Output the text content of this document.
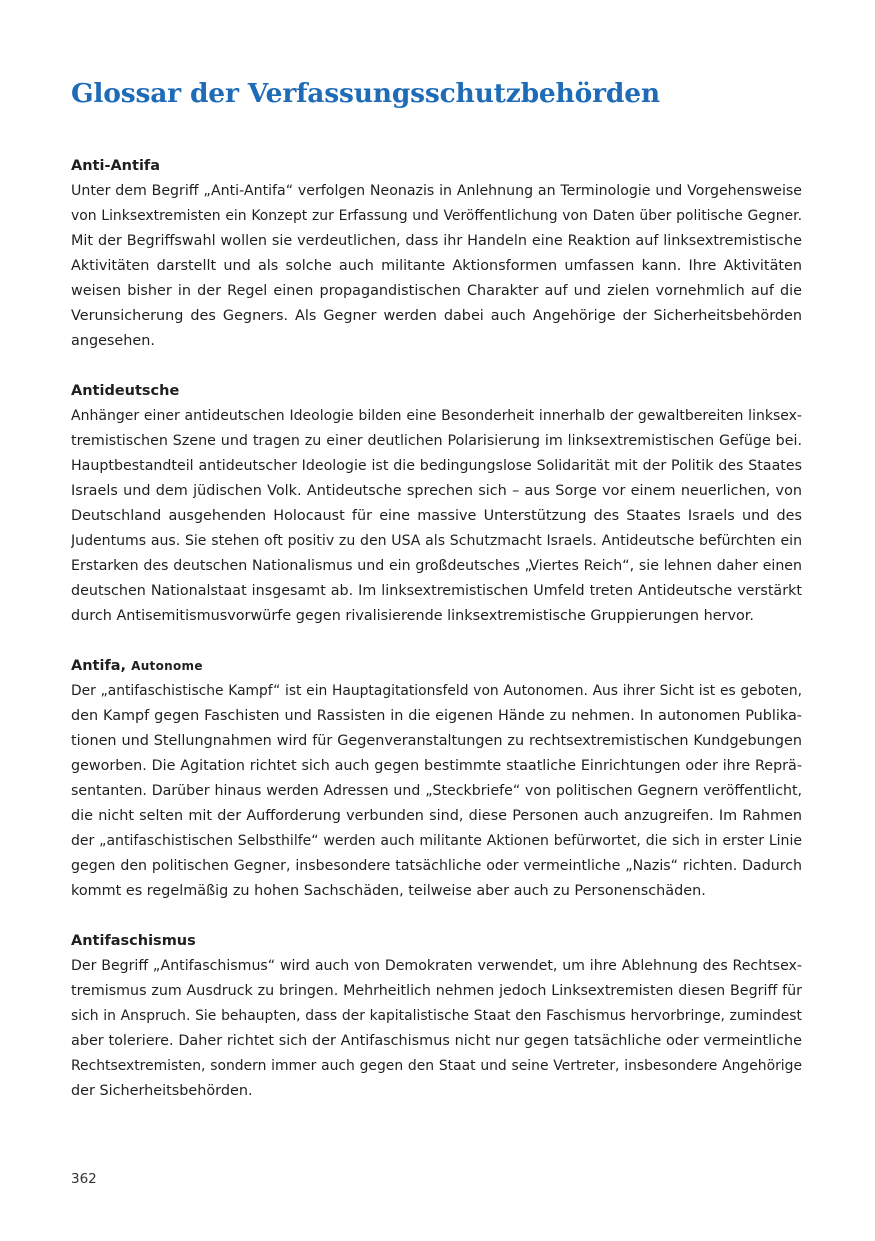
Glossar der Verfassungsschutzbehörden
Anti-Antifa
Unter dem Begriff „Anti-Antifa“ verfolgen Neonazis in Anlehnung an Terminologie und Vorgehensweise
von Linksextremisten ein Konzept zur Erfassung und Veröffentlichung von Daten über politische Gegner.
Mit der Begriffswahl wollen sie verdeutlichen, dass ihr Handeln eine Reaktion auf linksextremistische
Aktivitäten darstellt und als solche auch militante Aktionsformen umfassen kann. Ihre Aktivitäten
weisen bisher in der Regel einen propagandistischen Charakter auf und zielen vornehmlich auf die
Verunsicherung des Gegners. Als Gegner werden dabei auch Angehörige der Sicherheitsbehörden
angesehen.
Antideutsche
Anhänger einer antideutschen Ideologie bilden eine Besonderheit innerhalb der gewaltbereiten linksex-
tremistischen Szene und tragen zu einer deutlichen Polarisierung im linksextremistischen Gefüge bei.
Hauptbestandteil antideutscher Ideologie ist die bedingungslose Solidarität mit der Politik des Staates
Israels und dem jüdischen Volk. Antideutsche sprechen sich – aus Sorge vor einem neuerlichen, von
Deutschland ausgehenden Holocaust für eine massive Unterstützung des Staates Israels und des
Judentums aus. Sie stehen oft positiv zu den USA als Schutzmacht Israels. Antideutsche befürchten ein
Erstarken des deutschen Nationalismus und ein großdeutsches „Viertes Reich“, sie lehnen daher einen
deutschen Nationalstaat insgesamt ab. Im linksextremistischen Umfeld treten Antideutsche verstärkt
durch Antisemitismusvorwürfe gegen rivalisierende linksextremistische Gruppierungen hervor.
Antifa, Autonome
Der „antifaschistische Kampf“ ist ein Hauptagitationsfeld von Autonomen. Aus ihrer Sicht ist es geboten,
den Kampf gegen Faschisten und Rassisten in die eigenen Hände zu nehmen. In autonomen Publika-
tionen und Stellungnahmen wird für Gegenveranstaltungen zu rechtsextremistischen Kundgebungen
geworben. Die Agitation richtet sich auch gegen bestimmte staatliche Einrichtungen oder ihre Reprä-
sentanten. Darüber hinaus werden Adressen und „Steckbriefe“ von politischen Gegnern veröffentlicht,
die nicht selten mit der Aufforderung verbunden sind, diese Personen auch anzugreifen. Im Rahmen
der „antifaschistischen Selbsthilfe“ werden auch militante Aktionen befürwortet, die sich in erster Linie
gegen den politischen Gegner, insbesondere tatsächliche oder vermeintliche „Nazis“ richten. Dadurch
kommt es regelmäßig zu hohen Sachschäden, teilweise aber auch zu Personenschäden.
Antifaschismus
Der Begriff „Antifaschismus“ wird auch von Demokraten verwendet, um ihre Ablehnung des Rechtsex-
tremismus zum Ausdruck zu bringen. Mehrheitlich nehmen jedoch Linksextremisten diesen Begriff für
sich in Anspruch. Sie behaupten, dass der kapitalistische Staat den Faschismus hervorbringe, zumindest
aber toleriere. Daher richtet sich der Antifaschismus nicht nur gegen tatsächliche oder vermeintliche
Rechtsextremisten, sondern immer auch gegen den Staat und seine Vertreter, insbesondere Angehörige
der Sicherheitsbehörden.
362
